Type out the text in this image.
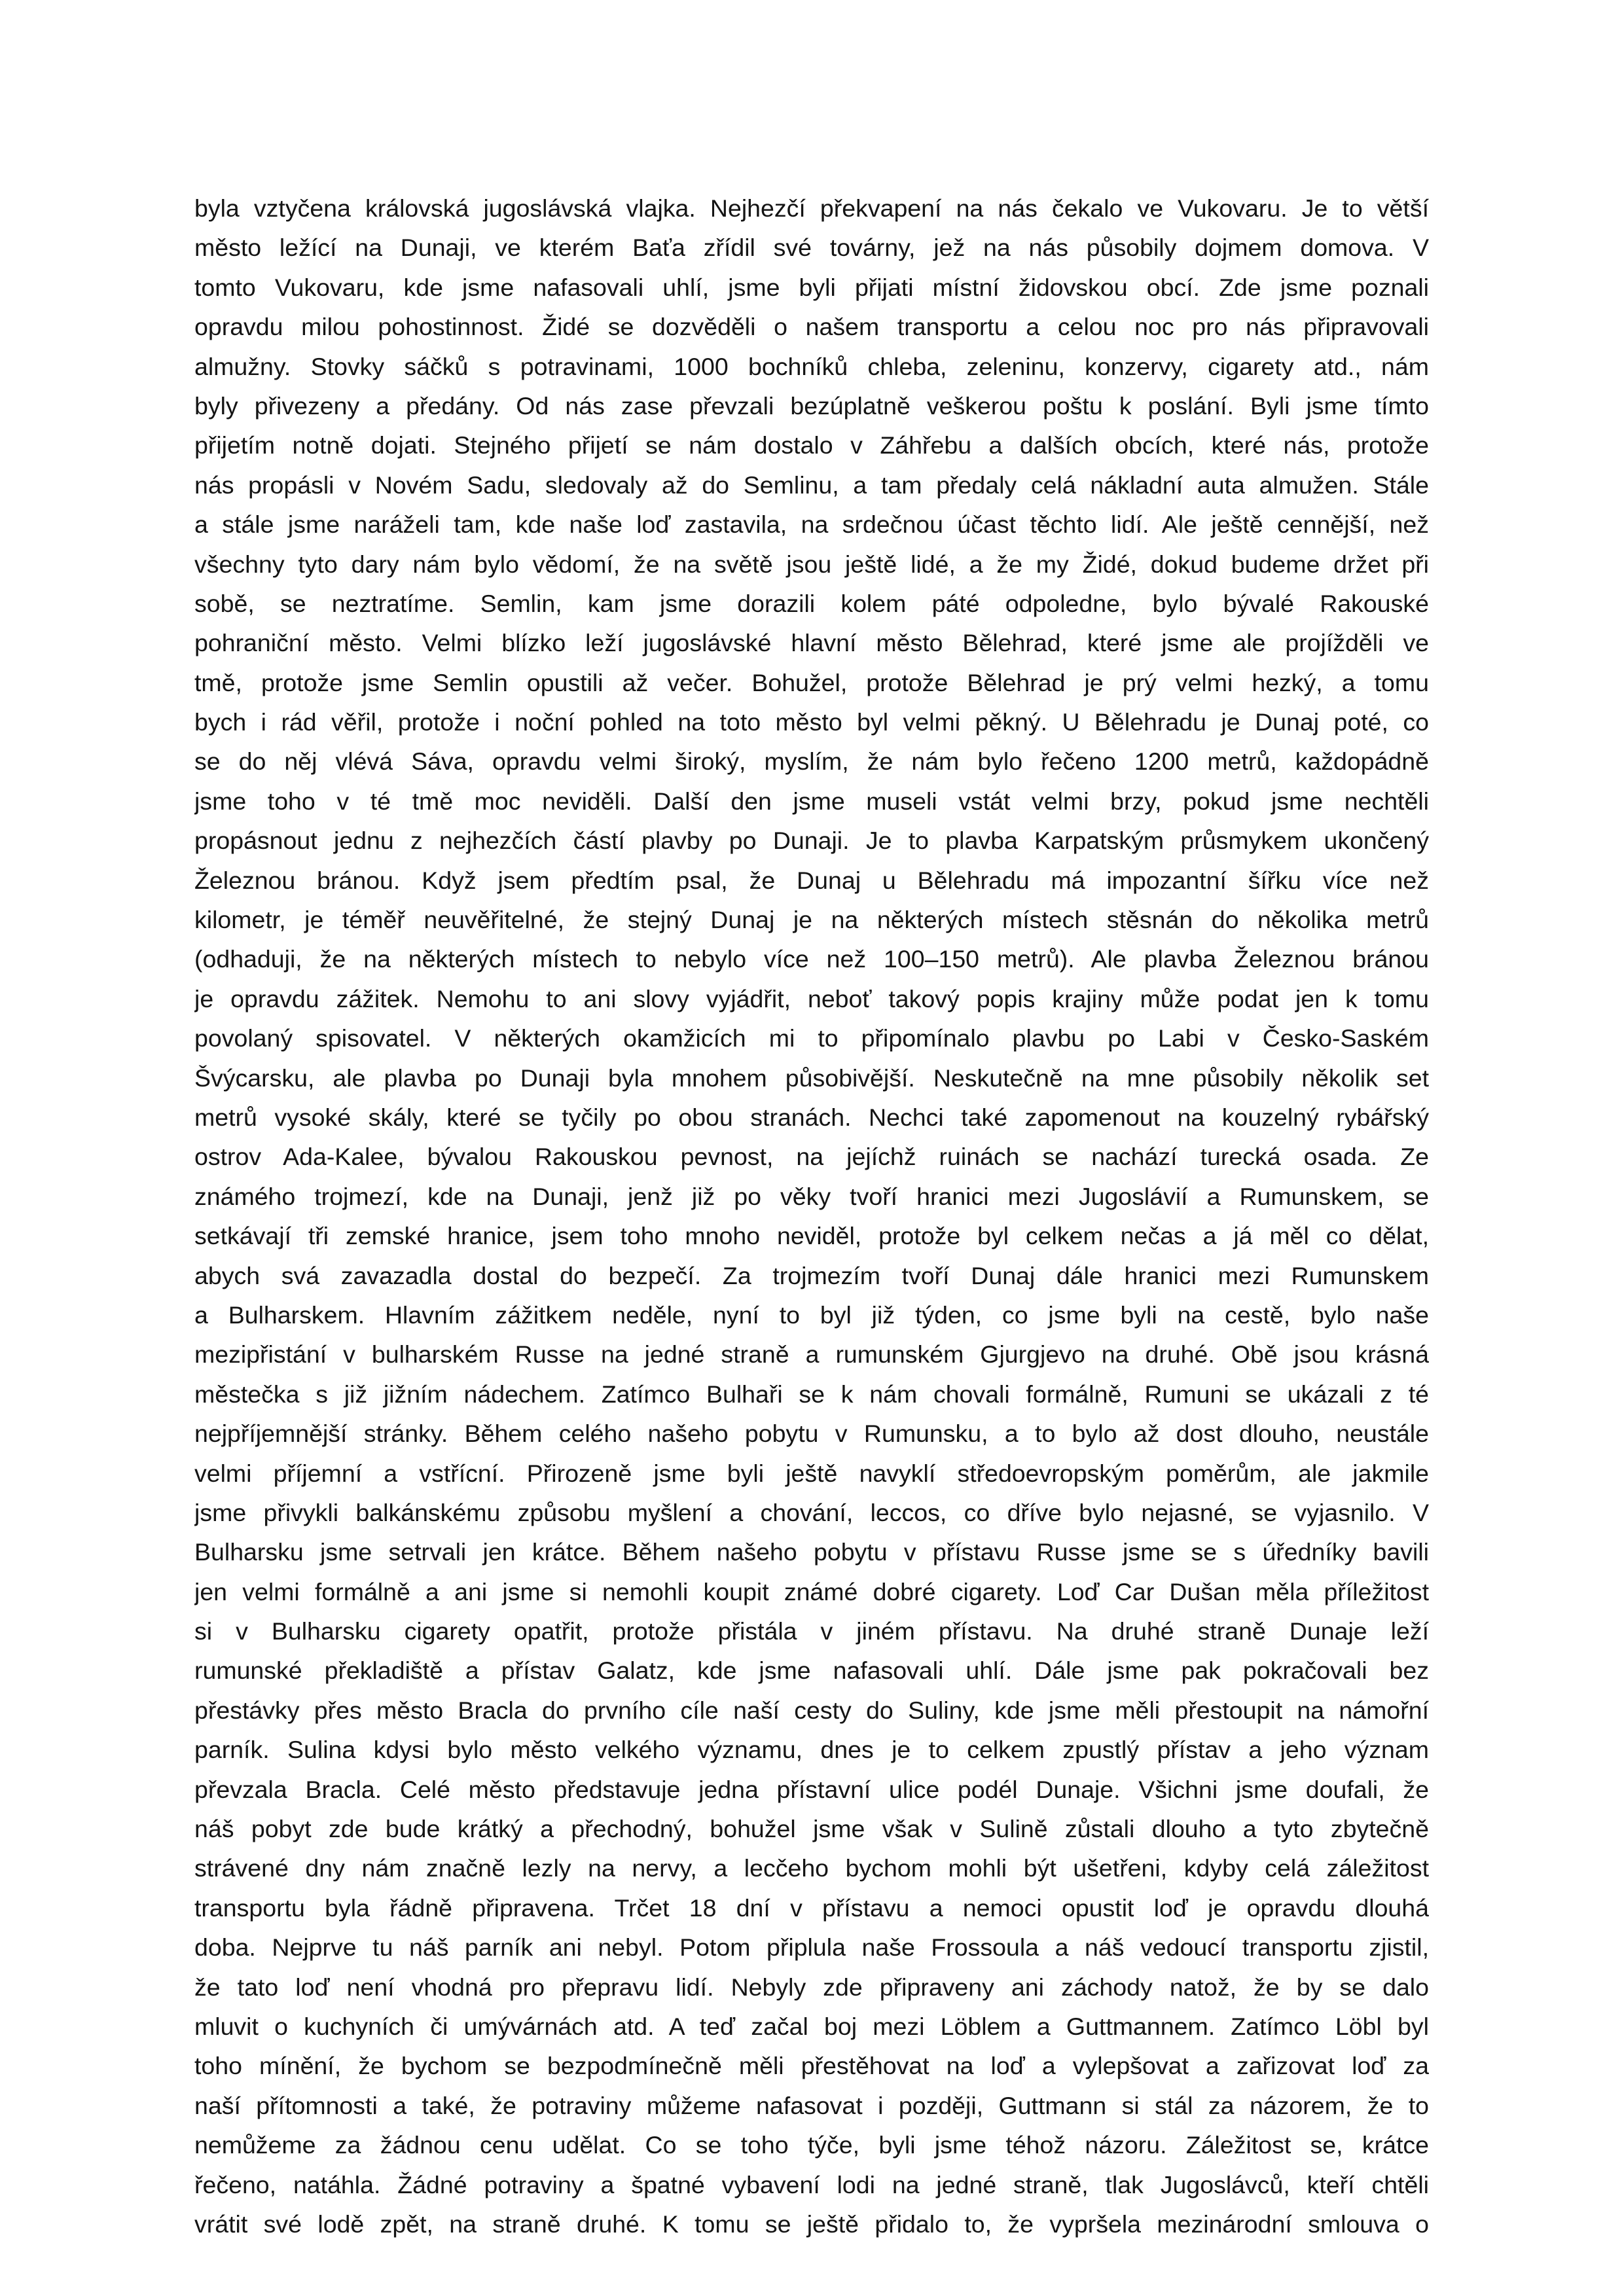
byla vztyčena královská jugoslávská vlajka. Nejhezčí překvapení na nás čekalo ve Vukovaru. Je to větší
město ležící na Dunaji, ve kterém Baťa zřídil své továrny, jež na nás působily dojmem domova. V
tomto Vukovaru, kde jsme nafasovali uhlí, jsme byli přijati místní židovskou obcí. Zde jsme poznali
opravdu milou pohostinnost. Židé se dozvěděli o našem transportu a celou noc pro nás připravovali
almužny. Stovky sáčků s potravinami, 1000 bochníků chleba, zeleninu, konzervy, cigarety atd., nám
byly přivezeny a předány. Od nás zase převzali bezúplatně veškerou poštu k poslání. Byli jsme tímto
přijetím notně dojati. Stejného přijetí se nám dostalo v Záhřebu a dalších obcích, které nás, protože
nás propásli v Novém Sadu, sledovaly až do Semlinu, a tam předaly celá nákladní auta almužen. Stále
a stále jsme naráželi tam, kde naše loď zastavila, na srdečnou účast těchto lidí. Ale ještě cennější, než
všechny tyto dary nám bylo vědomí, že na světě jsou ještě lidé, a že my Židé, dokud budeme držet při
sobě, se neztratíme. Semlin, kam jsme dorazili kolem páté odpoledne, bylo bývalé Rakouské
pohraniční město. Velmi blízko leží jugoslávské hlavní město Bělehrad, které jsme ale projížděli ve
tmě, protože jsme Semlin opustili až večer. Bohužel, protože Bělehrad je prý velmi hezký, a tomu
bych i rád věřil, protože i noční pohled na toto město byl velmi pěkný. U Bělehradu je Dunaj poté, co
se do něj vlévá Sáva, opravdu velmi široký, myslím, že nám bylo řečeno 1200 metrů, každopádně
jsme toho v té tmě moc neviděli. Další den jsme museli vstát velmi brzy, pokud jsme nechtěli
propásnout jednu z nejhezčích částí plavby po Dunaji. Je to plavba Karpatským průsmykem ukončený
Železnou bránou. Když jsem předtím psal, že Dunaj u Bělehradu má impozantní šířku více než
kilometr, je téměř neuvěřitelné, že stejný Dunaj je na některých místech stěsnán do několika metrů
(odhaduji, že na některých místech to nebylo více než 100–150 metrů). Ale plavba Železnou bránou
je opravdu zážitek. Nemohu to ani slovy vyjádřit, neboť takový popis krajiny může podat jen k tomu
povolaný spisovatel. V některých okamžicích mi to připomínalo plavbu po Labi v Česko-Saském
Švýcarsku, ale plavba po Dunaji byla mnohem působivější. Neskutečně na mne působily několik set
metrů vysoké skály, které se tyčily po obou stranách. Nechci také zapomenout na kouzelný rybářský
ostrov Ada-Kalee, bývalou Rakouskou pevnost, na jejíchž ruinách se nachází turecká osada. Ze
známého trojmezí, kde na Dunaji, jenž již po věky tvoří hranici mezi Jugoslávií a Rumunskem, se
setkávají tři zemské hranice, jsem toho mnoho neviděl, protože byl celkem nečas a já měl co dělat,
abych svá zavazadla dostal do bezpečí. Za trojmezím tvoří Dunaj dále hranici mezi Rumunskem
a Bulharskem. Hlavním zážitkem neděle, nyní to byl již týden, co jsme byli na cestě, bylo naše
mezipřistání v bulharském Russe na jedné straně a rumunském Gjurgjevo na druhé. Obě jsou krásná
městečka s již jižním nádechem. Zatímco Bulhaři se k nám chovali formálně, Rumuni se ukázali z té
nejpříjemnější stránky. Během celého našeho pobytu v Rumunsku, a to bylo až dost dlouho, neustále
velmi příjemní a vstřícní. Přirozeně jsme byli ještě navyklí středoevropským poměrům, ale jakmile
jsme přivykli balkánskému způsobu myšlení a chování, leccos, co dříve bylo nejasné, se vyjasnilo. V
Bulharsku jsme setrvali jen krátce. Během našeho pobytu v přístavu Russe jsme se s úředníky bavili
jen velmi formálně a ani jsme si nemohli koupit známé dobré cigarety. Loď Car Dušan měla příležitost
si v Bulharsku cigarety opatřit, protože přistála v jiném přístavu. Na druhé straně Dunaje leží
rumunské překladiště a přístav Galatz, kde jsme nafasovali uhlí. Dále jsme pak pokračovali bez
přestávky přes město Bracla do prvního cíle naší cesty do Suliny, kde jsme měli přestoupit na námořní
parník. Sulina kdysi bylo město velkého významu, dnes je to celkem zpustlý přístav a jeho význam
převzala Bracla. Celé město představuje jedna přístavní ulice podél Dunaje. Všichni jsme doufali, že
náš pobyt zde bude krátký a přechodný, bohužel jsme však v Sulině zůstali dlouho a tyto zbytečně
strávené dny nám značně lezly na nervy, a lecčeho bychom mohli být ušetřeni, kdyby celá záležitost
transportu byla řádně připravena. Trčet 18 dní v přístavu a nemoci opustit loď je opravdu dlouhá
doba. Nejprve tu náš parník ani nebyl. Potom připlula naše Frossoula a náš vedoucí transportu zjistil,
že tato loď není vhodná pro přepravu lidí. Nebyly zde připraveny ani záchody natož, že by se dalo
mluvit o kuchyních či umývárnách atd. A teď začal boj mezi Löblem a Guttmannem. Zatímco Löbl byl
toho mínění, že bychom se bezpodmínečně měli přestěhovat na loď a vylepšovat a zařizovat loď za
naší přítomnosti a také, že potraviny můžeme nafasovat i později, Guttmann si stál za názorem, že to
nemůžeme za žádnou cenu udělat. Co se toho týče, byli jsme téhož názoru. Záležitost se, krátce
řečeno, natáhla. Žádné potraviny a špatné vybavení lodi na jedné straně, tlak Jugoslávců, kteří chtěli
vrátit své lodě zpět, na straně druhé. K tomu se ještě přidalo to, že vypršela mezinárodní smlouva o
